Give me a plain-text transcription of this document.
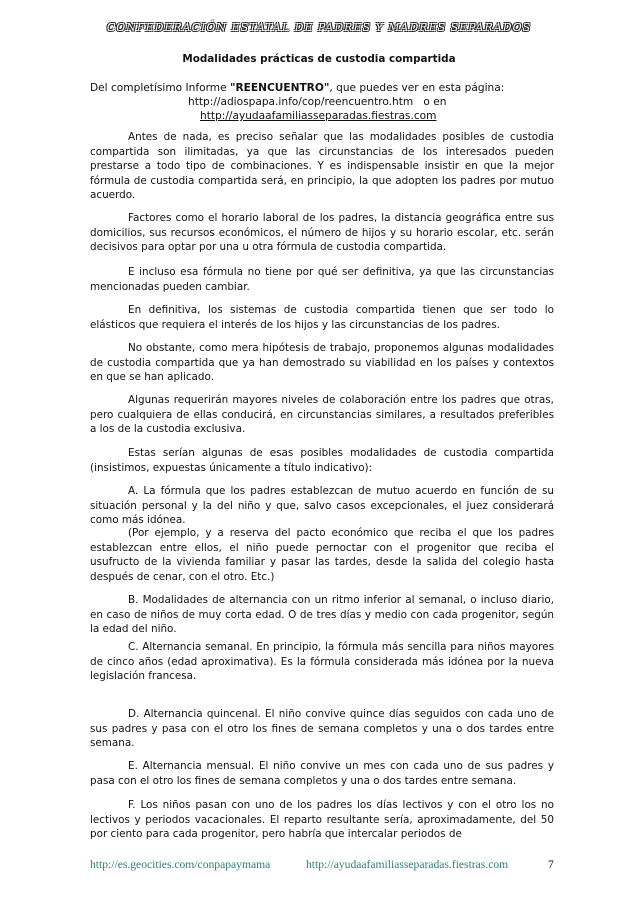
CONFEDERACIÓN ESTATAL DE PADRES Y MADRES SEPARADOS
Modalidades prácticas de custodia compartida
Del completísimo Informe "REENCUENTRO", que puedes ver en esta página:
http://adiospapa.info/cop/reencuentro.htm o en
http://ayudaafamiliasseparadas.fiestras.com

Antes de nada, es preciso señalar que las modalidades posibles de custodia compartida son ilimitadas, ya que las circunstancias de los interesados pueden prestarse a todo tipo de combinaciones. Y es indispensable insistir en que la mejor fórmula de custodia compartida será, en principio, la que adopten los padres por mutuo acuerdo.

Factores como el horario laboral de los padres, la distancia geográfica entre sus domicilios, sus recursos económicos, el número de hijos y su horario escolar, etc. serán decisivos para optar por una u otra fórmula de custodia compartida.

E incluso esa fórmula no tiene por qué ser definitiva, ya que las circunstancias mencionadas pueden cambiar.

En definitiva, los sistemas de custodia compartida tienen que ser todo lo elásticos que requiera el interés de los hijos y las circunstancias de los padres.

No obstante, como mera hipótesis de trabajo, proponemos algunas modalidades de custodia compartida que ya han demostrado su viabilidad en los países y contextos en que se han aplicado.

Algunas requerirán mayores niveles de colaboración entre los padres que otras, pero cualquiera de ellas conducirá, en circunstancias similares, a resultados preferibles a los de la custodia exclusiva.

Estas serían algunas de esas posibles modalidades de custodia compartida (insistimos, expuestas únicamente a título indicativo):

A. La fórmula que los padres establezcan de mutuo acuerdo en función de su situación personal y la del niño y que, salvo casos excepcionales, el juez considerará como más idónea.

(Por ejemplo, y a reserva del pacto económico que reciba el que los padres establezcan entre ellos, el niño puede pernoctar con el progenitor que reciba el usufructo de la vivienda familiar y pasar las tardes, desde la salida del colegio hasta después de cenar, con el otro. Etc.)

B. Modalidades de alternancia con un ritmo inferior al semanal, o incluso diario, en caso de niños de muy corta edad. O de tres días y medio con cada progenitor, según la edad del niño.

C. Alternancia semanal. En principio, la fórmula más sencilla para niños mayores de cinco años (edad aproximativa). Es la fórmula considerada más idónea por la nueva legislación francesa.

D. Alternancia quincenal. El niño convive quince días seguidos con cada uno de sus padres y pasa con el otro los fines de semana completos y una o dos tardes entre semana.

E. Alternancia mensual. El niño convive un mes con cada uno de sus padres y pasa con el otro los fines de semana completos y una o dos tardes entre semana.

F. Los niños pasan con uno de los padres los días lectivos y con el otro los no lectivos y periodos vacacionales. El reparto resultante sería, aproximadamente, del 50 por ciento para cada progenitor, pero habría que intercalar periodos de

http://es.geocities.com/conpapaymama	http://ayudaafamiliasseparadas.fiestras.com	7
